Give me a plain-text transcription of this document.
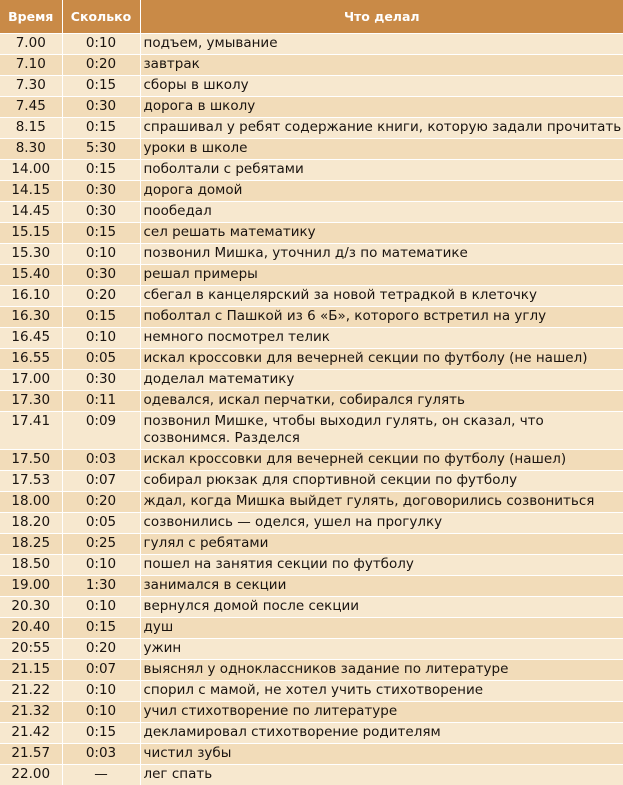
Время	Сколько	Что делал
7.00	0:10	подъем, умывание
7.10	0:20	завтрак
7.30	0:15	сборы в школу
7.45	0:30	дорога в школу
8.15	0:15	спрашивал у ребят содержание книги, которую задали прочитать
8.30	5:30	уроки в школе
14.00	0:15	поболтали с ребятами
14.15	0:30	дорога домой
14.45	0:30	пообедал
15.15	0:15	сел решать математику
15.30	0:10	позвонил Мишка, уточнил д/з по математике
15.40	0:30	решал примеры
16.10	0:20	сбегал в канцелярский за новой тетрадкой в клеточку
16.30	0:15	поболтал с Пашкой из 6 «Б», которого встретил на углу
16.45	0:10	немного посмотрел телик
16.55	0:05	искал кроссовки для вечерней секции по футболу (не нашел)
17.00	0:30	доделал математику
17.30	0:11	одевался, искал перчатки, собирался гулять
17.41	0:09	позвонил Мишке, чтобы выходил гулять, он сказал, что созвонимся. Разделся
17.50	0:03	искал кроссовки для вечерней секции по футболу (нашел)
17.53	0:07	собирал рюкзак для спортивной секции по футболу
18.00	0:20	ждал, когда Мишка выйдет гулять, договорились созвониться
18.20	0:05	созвонились — оделся, ушел на прогулку
18.25	0:25	гулял с ребятами
18.50	0:10	пошел на занятия секции по футболу
19.00	1:30	занимался в секции
20.30	0:10	вернулся домой после секции
20.40	0:15	душ
20:55	0:20	ужин
21.15	0:07	выяснял у одноклассников задание по литературе
21.22	0:10	спорил с мамой, не хотел учить стихотворение
21.32	0:10	учил стихотворение по литературе
21.42	0:15	декламировал стихотворение родителям
21.57	0:03	чистил зубы
22.00	—	лег спать
